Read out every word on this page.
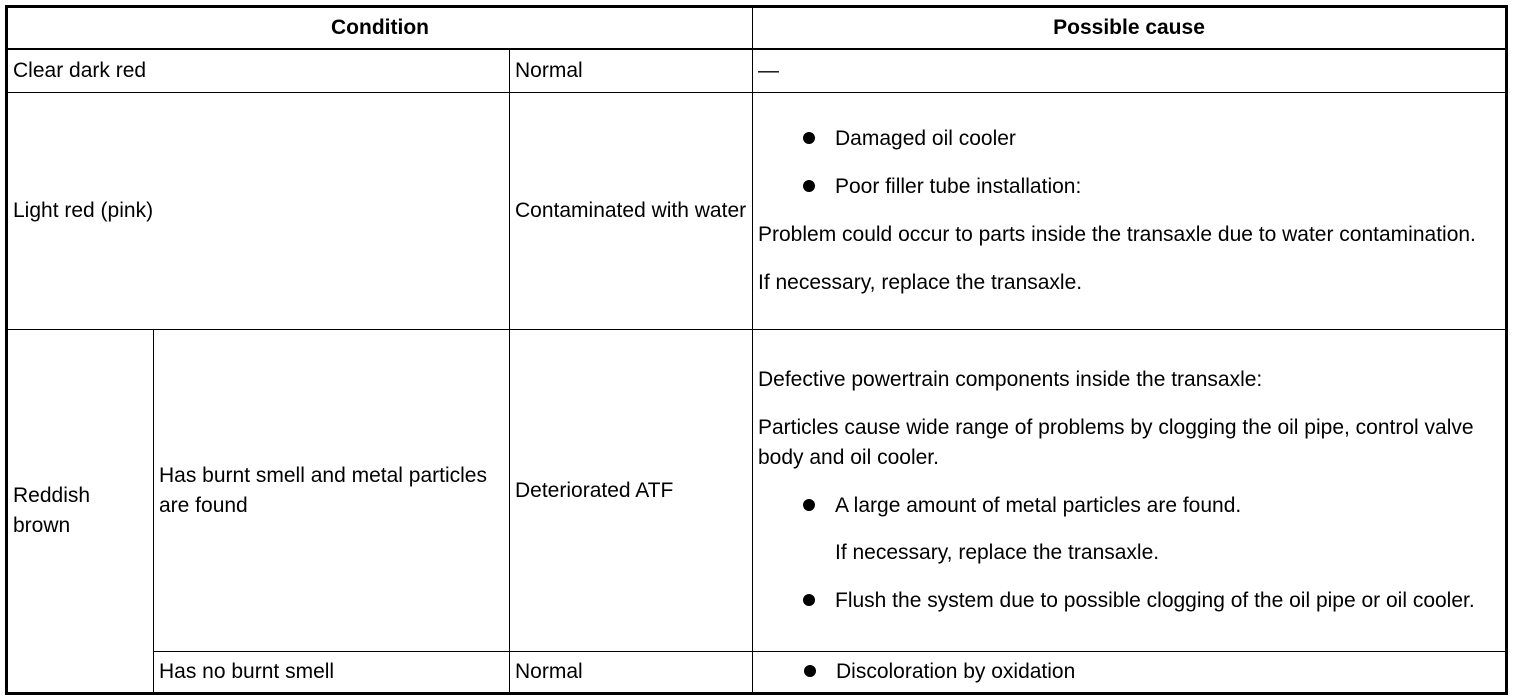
Condition			Possible cause
Clear dark red		Normal	—
Light red (pink)		Contaminated with water	Damaged oil cooler

Poor filler tube installation:

Problem could occur to parts inside the transaxle due to water contamination.

If necessary, replace the transaxle.

Reddish brown	Has burnt smell and metal particles are found	Deteriorated ATF	Defective powertrain components inside the transaxle:

Particles cause wide range of problems by clogging the oil pipe, control valve body and oil cooler.

A large amount of metal particles are found.

If necessary, replace the transaxle.

Flush the system due to possible clogging of the oil pipe or oil cooler.

	Has no burnt smell	Normal	Discoloration by oxidation
